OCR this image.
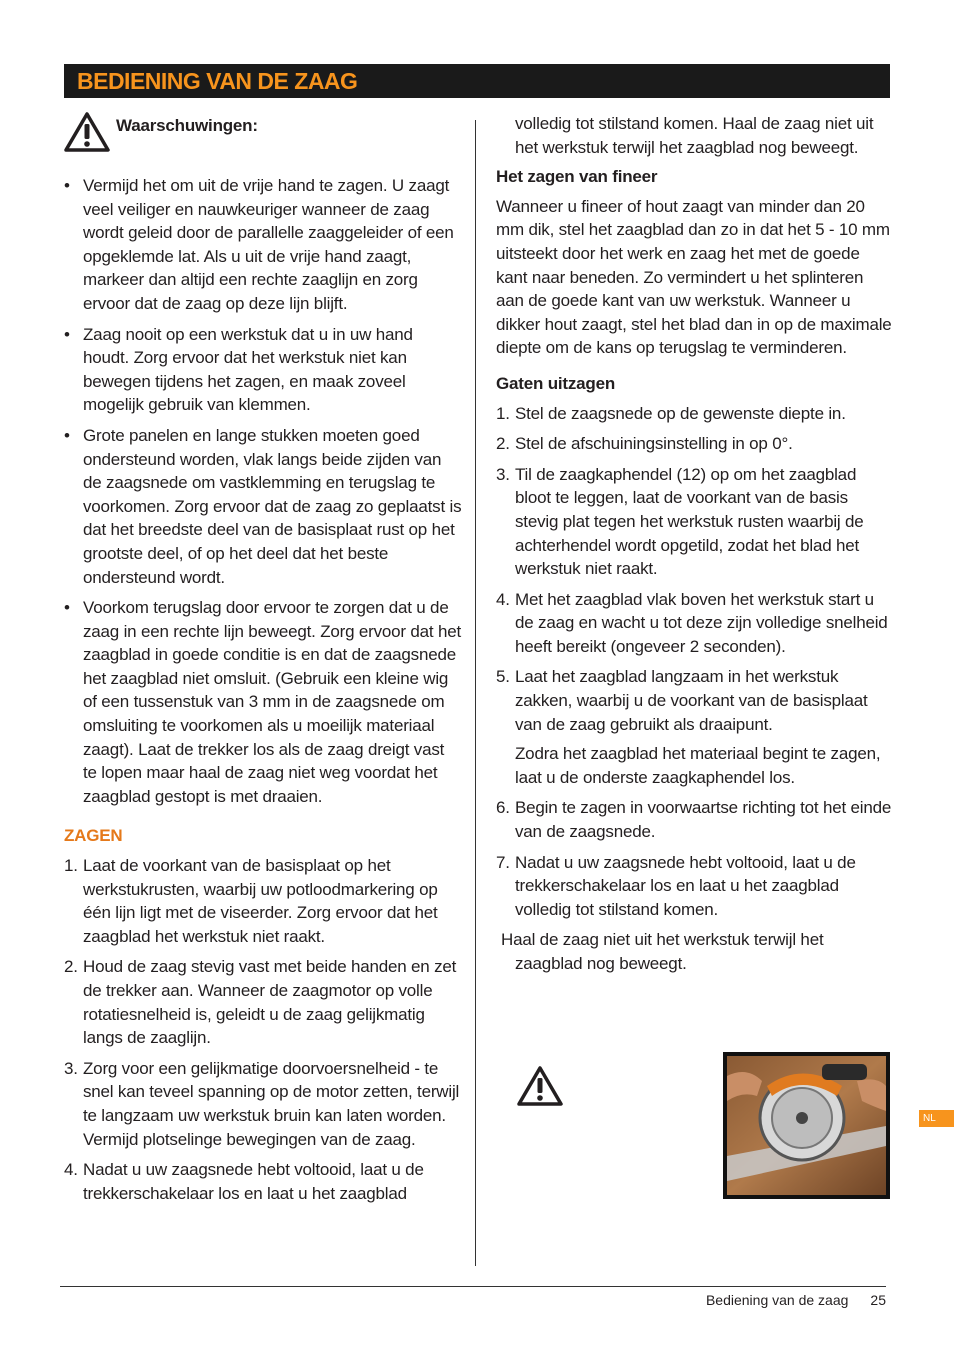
BEDIENING VAN DE ZAAG
Waarschuwingen:
• Vermijd het om uit de vrije hand te zagen. U zaagt veel veiliger en nauwkeuriger wanneer de zaag wordt geleid door de parallelle zaaggeleider of een opgeklemde lat. Als u uit de vrije hand zaagt, markeer dan altijd een rechte zaaglijn en zorg ervoor dat de zaag op deze lijn blijft.
• Zaag nooit op een werkstuk dat u in uw hand houdt. Zorg ervoor dat het werkstuk niet kan bewegen tijdens het zagen, en maak zoveel mogelijk gebruik van klemmen.
• Grote panelen en lange stukken moeten goed ondersteund worden, vlak langs beide zijden van de zaagsnede om vastklemming en terugslag te voorkomen. Zorg ervoor dat de zaag zo geplaatst is dat het breedste deel van de basisplaat rust op het grootste deel, of op het deel dat het beste ondersteund wordt.
• Voorkom terugslag door ervoor te zorgen dat u de zaag in een rechte lijn beweegt. Zorg ervoor dat het zaagblad in goede conditie is en dat de zaagsnede het zaagblad niet omsluit. (Gebruik een kleine wig of een tussenstuk van 3 mm in de zaagsnede om omsluiting te voorkomen als u moeilijk materiaal zaagt). Laat de trekker los als de zaag dreigt vast te lopen maar haal de zaag niet weg voordat het zaagblad gestopt is met draaien.
ZAGEN
1. Laat de voorkant van de basisplaat op het werkstukrusten, waarbij uw potloodmarkering op één lijn ligt met de viseerder. Zorg ervoor dat het zaagblad het werkstuk niet raakt.
2. Houd de zaag stevig vast met beide handen en zet de trekker aan. Wanneer de zaagmotor op volle rotatiesnelheid is, geleidt u de zaag gelijkmatig langs de zaaglijn.
3. Zorg voor een gelijkmatige doorvoersnelheid - te snel kan teveel spanning op de motor zetten, terwijl te langzaam uw werkstuk bruin kan laten worden. Vermijd plotselinge bewegingen van de zaag.
4. Nadat u uw zaagsnede hebt voltooid, laat u de trekkerschakelaar los en laat u het zaagblad

volledig tot stilstand komen. Haal de zaag niet uit het werkstuk terwijl het zaagblad nog beweegt.

Het zagen van fineer

Wanneer u fineer of hout zaagt van minder dan 20 mm dik, stel het zaagblad dan zo in dat het 5 - 10 mm uitsteekt door het werk en zaag het met de goede kant naar beneden. Zo vermindert u het splinteren aan de goede kant van uw werkstuk. Wanneer u dikker hout zaagt, stel het blad dan in op de maximale diepte om de kans op terugslag te verminderen.

Gaten uitzagen
1. Stel de zaagsnede op de gewenste diepte in.
2. Stel de afschuiningsinstelling in op 0°.
3. Til de zaagkaphendel (12) op om het zaagblad bloot te leggen, laat de voorkant van de basis stevig plat tegen het werkstuk rusten waarbij de achterhendel wordt opgetild, zodat het blad het werkstuk niet raakt.
4. Met het zaagblad vlak boven het werkstuk start u de zaag en wacht u tot deze zijn volledige snelheid heeft bereikt (ongeveer 2 seconden).
5. Laat het zaagblad langzaam in het werkstuk zakken, waarbij u de voorkant van de basisplaat van de zaag gebruikt als draaipunt.
Zodra het zaagblad het materiaal begint te zagen, laat u de onderste zaagkaphendel los.
6. Begin te zagen in voorwaartse richting tot het einde van de zaagsnede.
7. Nadat u uw zaagsnede hebt voltooid, laat u de trekkerschakelaar los en laat u het zaagblad volledig tot stilstand komen.

Haal de zaag niet uit het werkstuk terwijl het zaagblad nog beweegt.

NL
Bediening van de zaag 25
